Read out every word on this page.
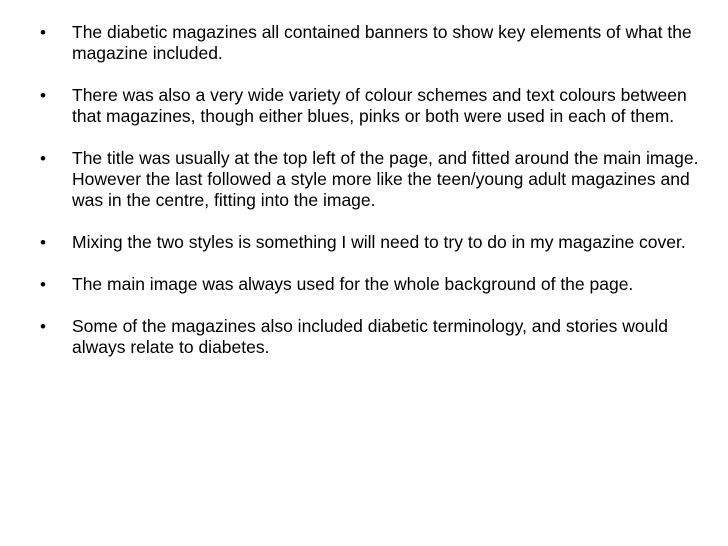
• The diabetic magazines all contained banners to show key elements of what the magazine included.
• There was also a very wide variety of colour schemes and text colours between that magazines, though either blues, pinks or both were used in each of them.
• The title was usually at the top left of the page, and fitted around the main image. However the last followed a style more like the teen/young adult magazines and was in the centre, fitting into the image.
• Mixing the two styles is something I will need to try to do in my magazine cover.
• The main image was always used for the whole background of the page.
• Some of the magazines also included diabetic terminology, and stories would always relate to diabetes.
